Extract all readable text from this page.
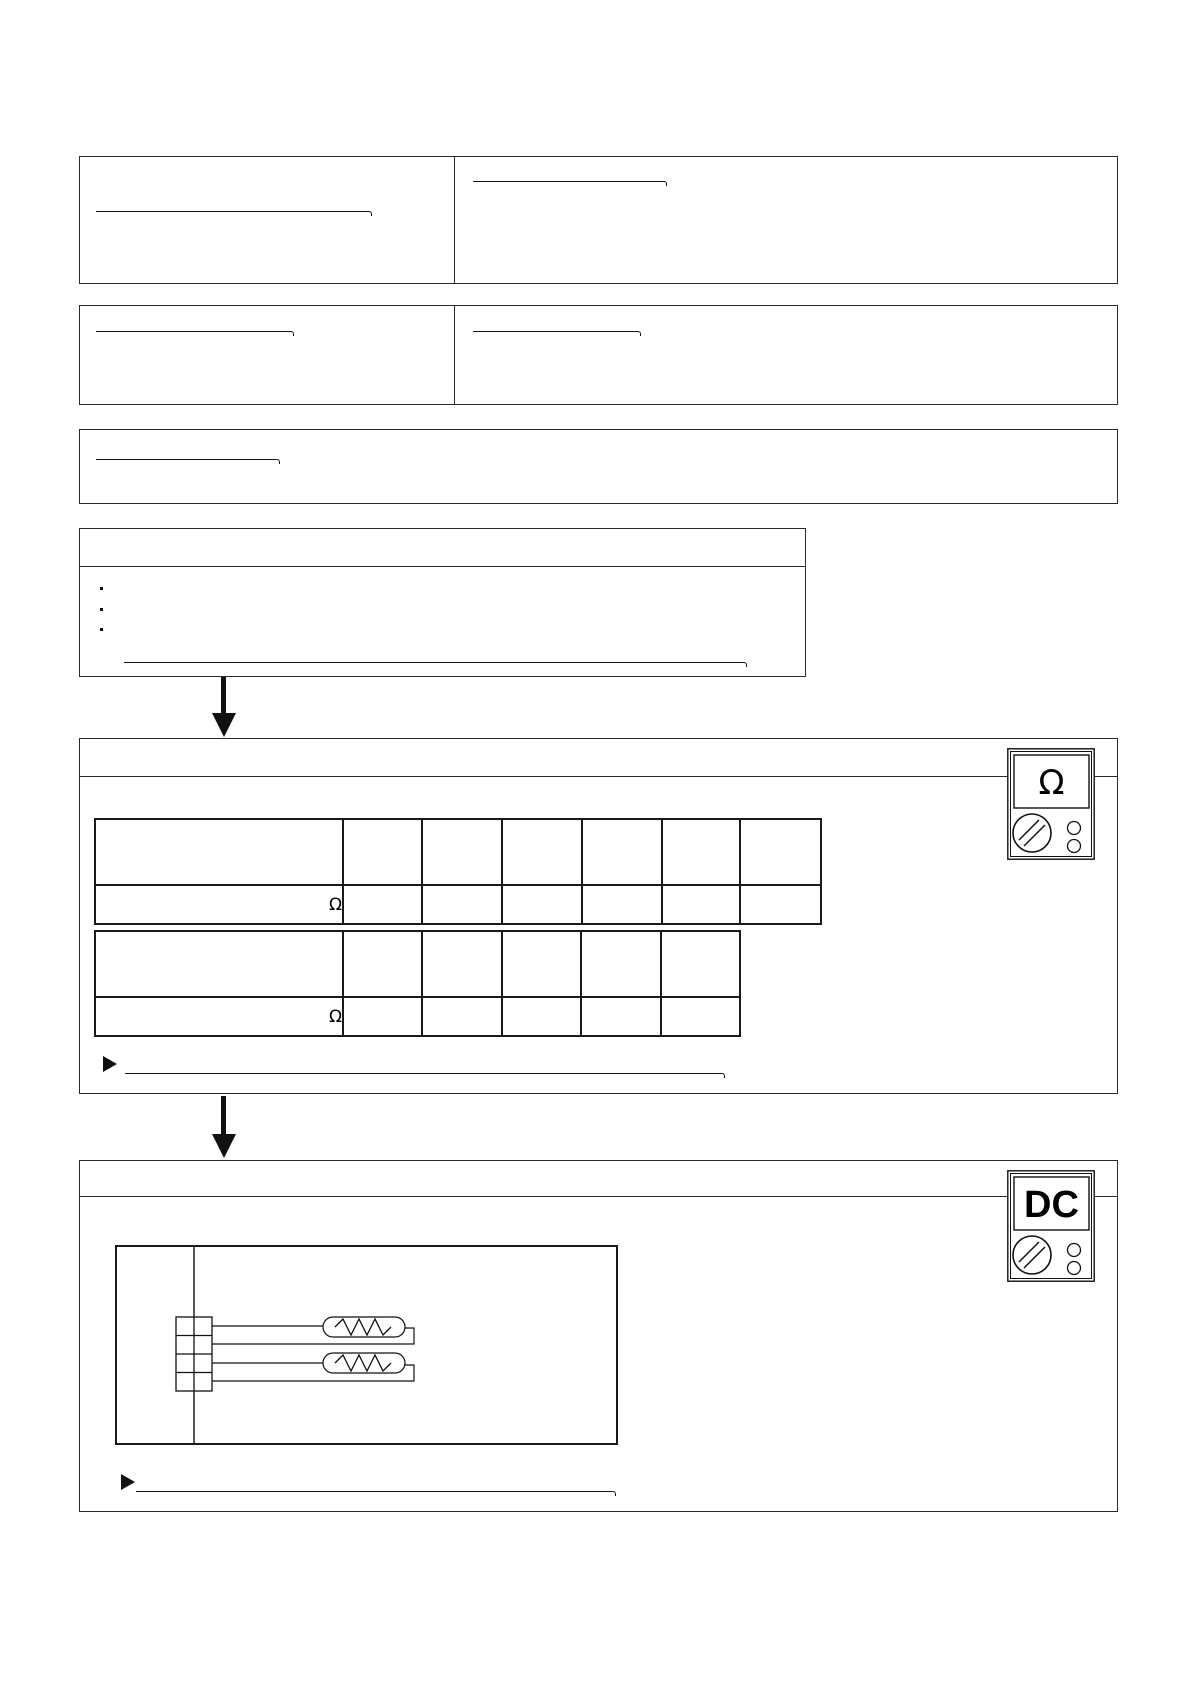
Ω						

Ω					
Ω
DC
